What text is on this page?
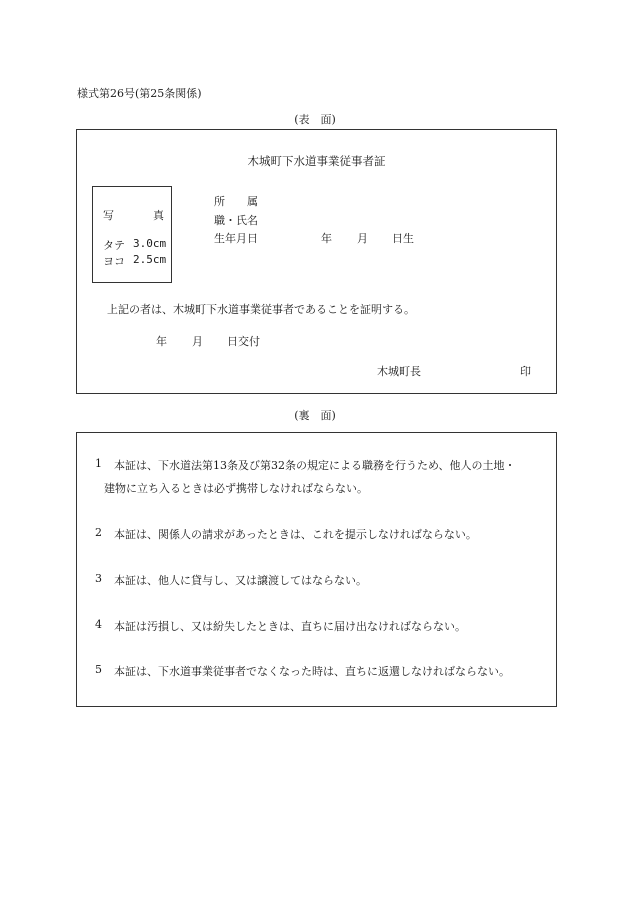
様式第26号(第25条関係)
(表　面)
木城町下水道事業従事者証
写	真
タテ 3.0cm
ヨコ 2.5cm
所　　属
職・氏名
生年月日	年 月 日生
上記の者は、木城町下水道事業従事者であることを証明する。
年 月 日交付
木城町長	印
(裏　面)
1 本証は、下水道法第13条及び第32条の規定による職務を行うため、他人の土地・
建物に立ち入るときは必ず携帯しなければならない。
2 本証は、関係人の請求があったときは、これを提示しなければならない。
3 本証は、他人に貸与し、又は譲渡してはならない。
4 本証は汚損し、又は紛失したときは、直ちに届け出なければならない。
5 本証は、下水道事業従事者でなくなった時は、直ちに返還しなければならない。
